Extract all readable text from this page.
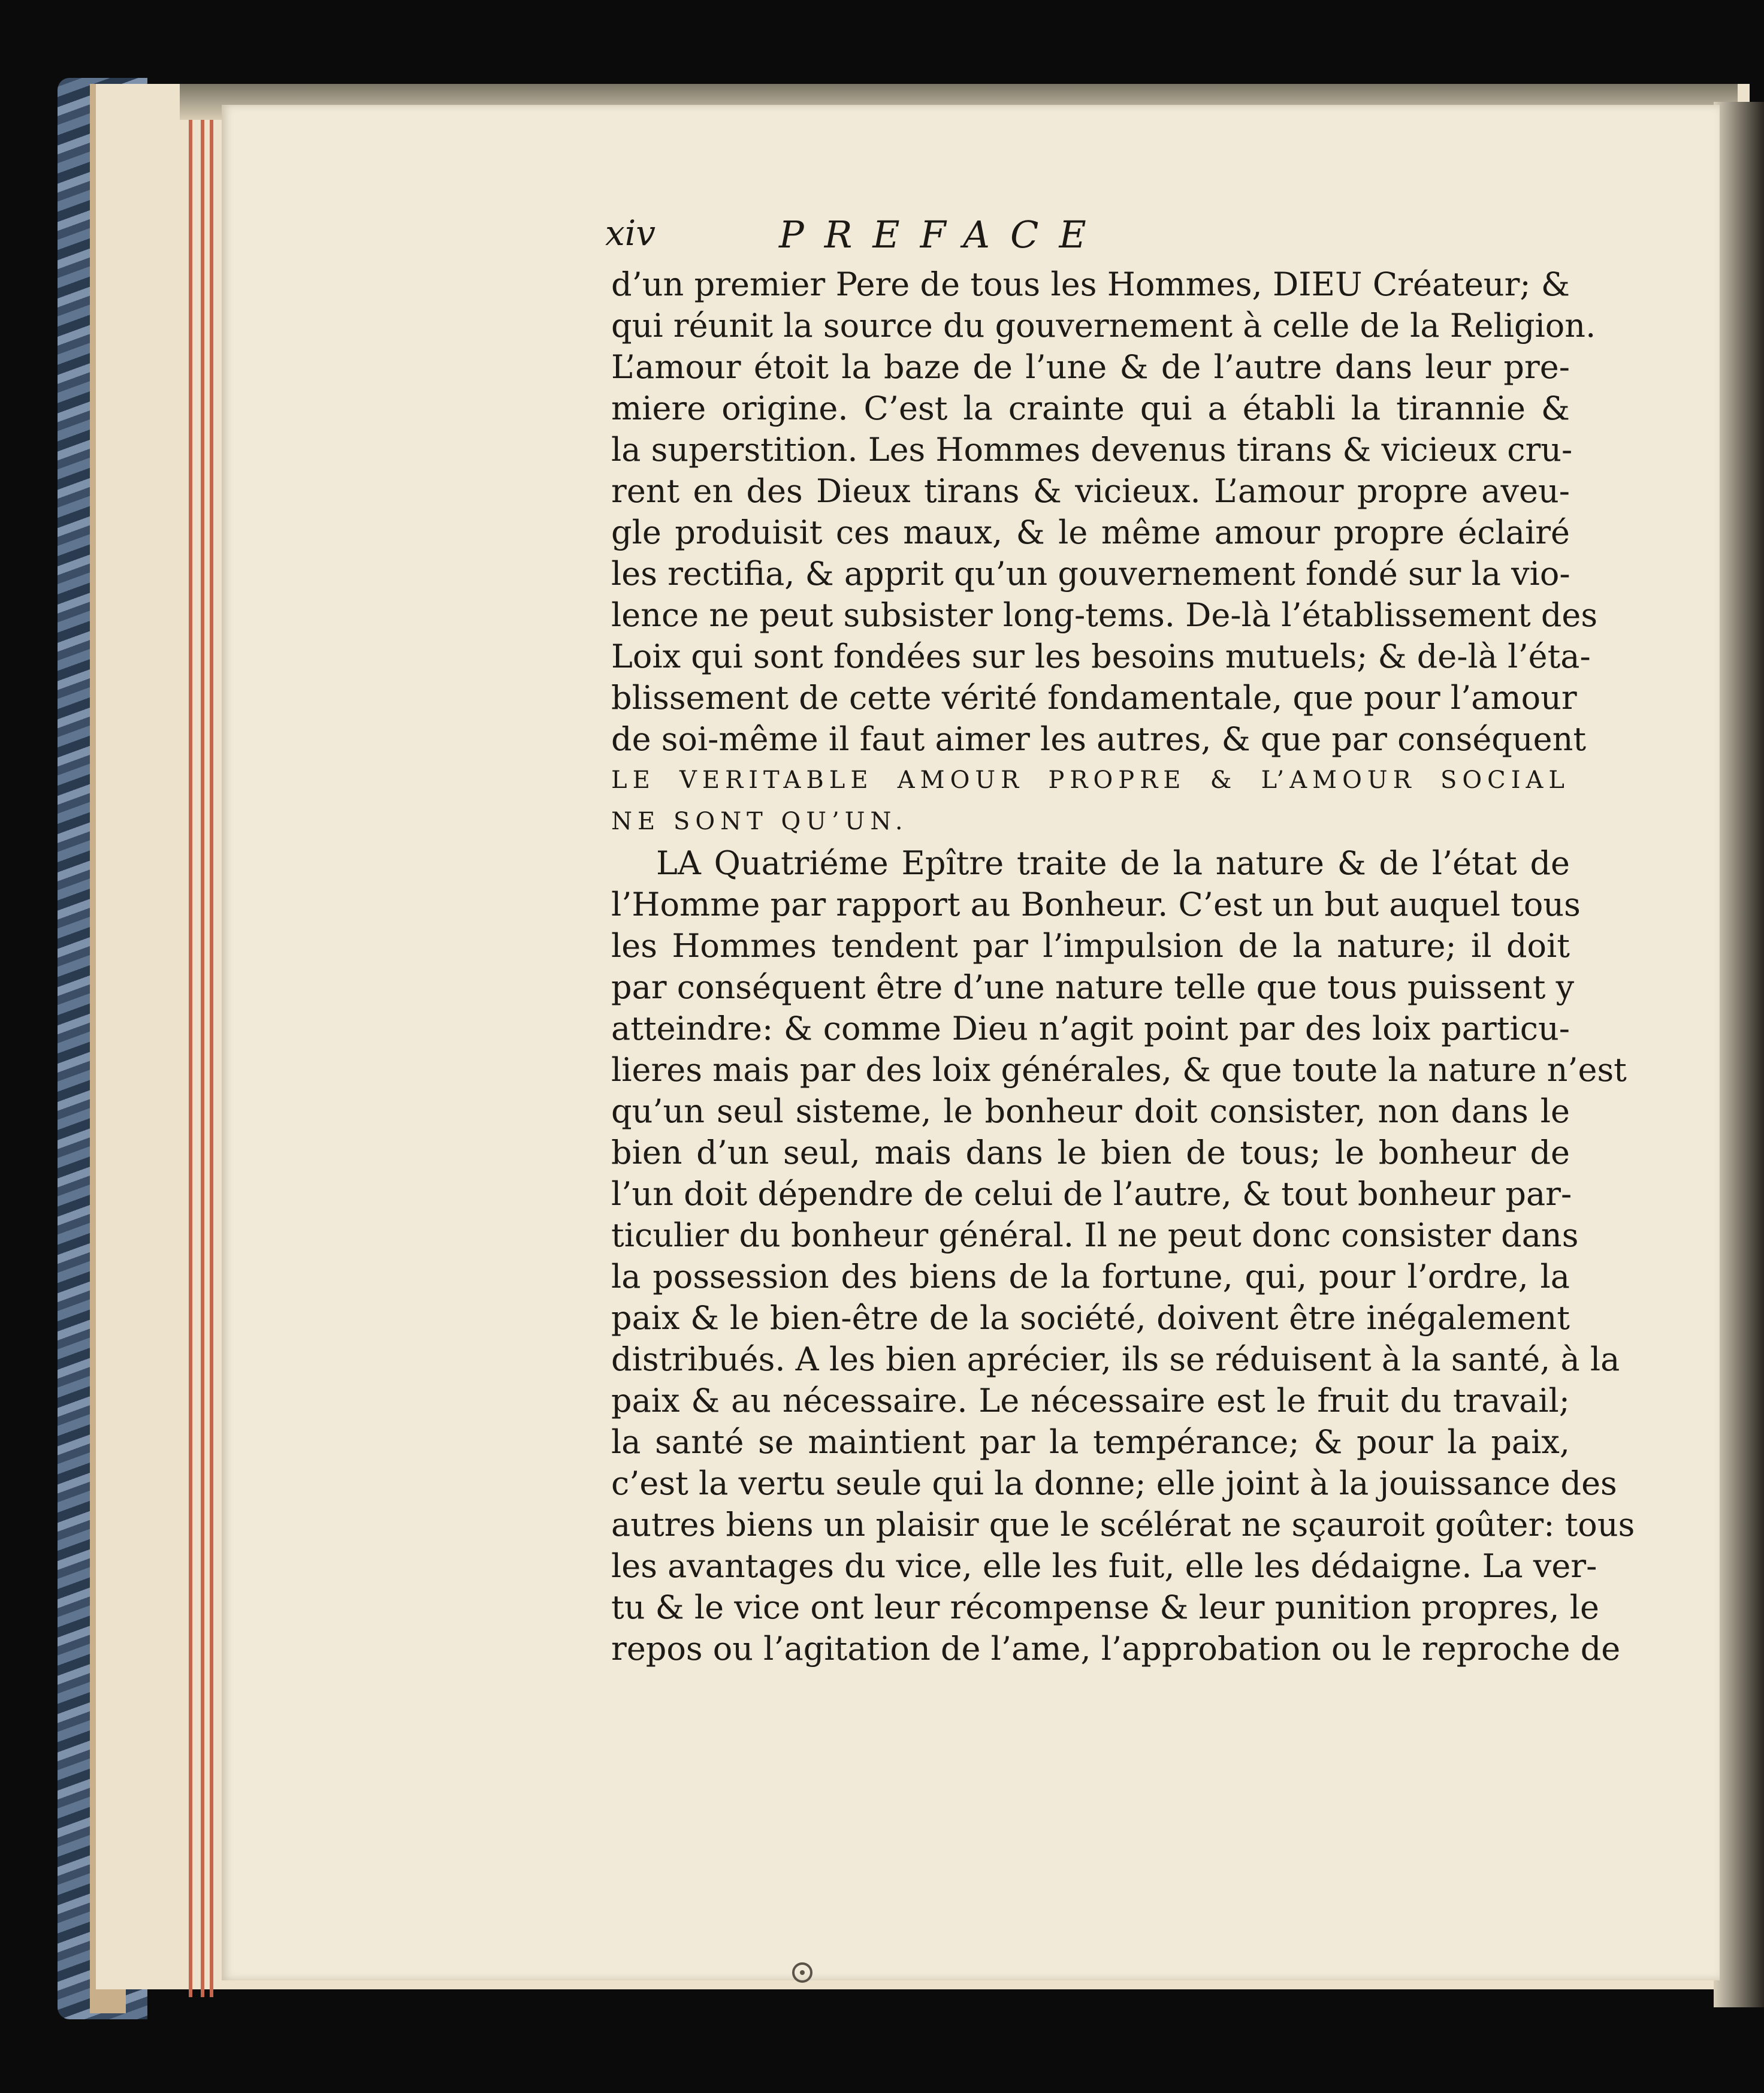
xiv	PREFACE
d’un premier Pere de tous les Hommes, DIEU Créateur; &
qui réunit la source du gouvernement à celle de la Religion.
L’amour étoit la baze de l’une & de l’autre dans leur pre-
miere origine. C’est la crainte qui a établi la tirannie &
la superstition. Les Hommes devenus tirans & vicieux cru-
rent en des Dieux tirans & vicieux. L’amour propre aveu-
gle produisit ces maux, & le même amour propre éclairé
les rectifia, & apprit qu’un gouvernement fondé sur la vio-
lence ne peut subsister long-tems. De-là l’établissement des
Loix qui sont fondées sur les besoins mutuels; & de-là l’éta-
blissement de cette vérité fondamentale, que pour l’amour
de soi-même il faut aimer les autres, & que par conséquent
LE VERITABLE AMOUR PROPRE & L’AMOUR SOCIAL
NE SONT QU’UN.
LA Quatriéme Epître traite de la nature & de l’état de
l’Homme par rapport au Bonheur. C’est un but auquel tous
les Hommes tendent par l’impulsion de la nature; il doit
par conséquent être d’une nature telle que tous puissent y
atteindre: & comme Dieu n’agit point par des loix particu-
lieres mais par des loix générales, & que toute la nature n’est
qu’un seul sisteme, le bonheur doit consister, non dans le
bien d’un seul, mais dans le bien de tous; le bonheur de
l’un doit dépendre de celui de l’autre, & tout bonheur par-
ticulier du bonheur général. Il ne peut donc consister dans
la possession des biens de la fortune, qui, pour l’ordre, la
paix & le bien-être de la société, doivent être inégalement
distribués. A les bien aprécier, ils se réduisent à la santé, à la
paix & au nécessaire. Le nécessaire est le fruit du travail;
la santé se maintient par la tempérance; & pour la paix,
c’est la vertu seule qui la donne; elle joint à la jouissance des
autres biens un plaisir que le scélérat ne sçauroit goûter: tous
les avantages du vice, elle les fuit, elle les dédaigne. La ver-
tu & le vice ont leur récompense & leur punition propres, le
repos ou l’agitation de l’ame, l’approbation ou le reproche de
